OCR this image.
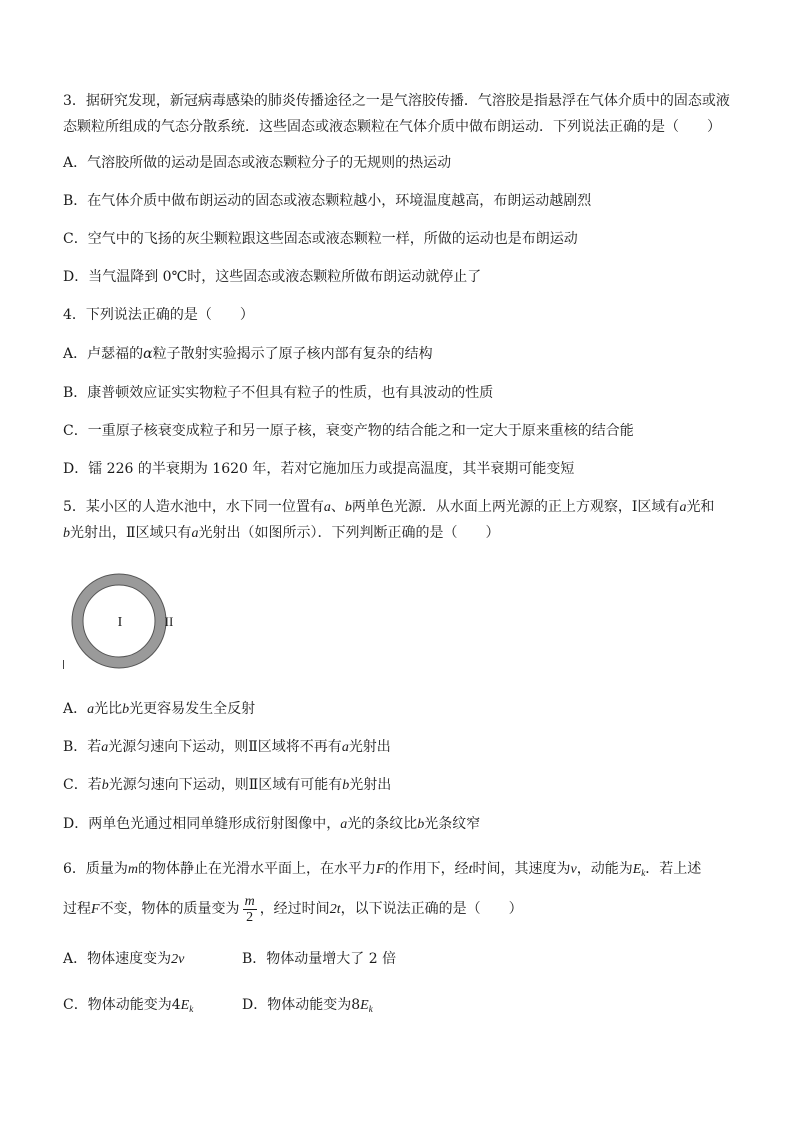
3．据研究发现，新冠病毒感染的肺炎传播途径之一是气溶胶传播．气溶胶是指悬浮在气体介质中的固态或液
态颗粒所组成的气态分散系统．这些固态或液态颗粒在气体介质中做布朗运动．下列说法正确的是（　　）
A．气溶胶所做的运动是固态或液态颗粒分子的无规则的热运动
B．在气体介质中做布朗运动的固态或液态颗粒越小，环境温度越高，布朗运动越剧烈
C．空气中的飞扬的灰尘颗粒跟这些固态或液态颗粒一样，所做的运动也是布朗运动
D．当气温降到 0℃时，这些固态或液态颗粒所做布朗运动就停止了
4．下列说法正确的是（　　）
A．卢瑟福的α粒子散射实验揭示了原子核内部有复杂的结构
B．康普顿效应证实实物粒子不但具有粒子的性质，也有具波动的性质
C．一重原子核衰变成粒子和另一原子核，衰变产物的结合能之和一定大于原来重核的结合能
D．镭 226 的半衰期为 1620 年，若对它施加压力或提高温度，其半衰期可能变短
5．某小区的人造水池中，水下同一位置有a、b两单色光源．从水面上两光源的正上方观察，Ⅰ区域有a光和
b光射出，Ⅱ区域只有a光射出（如图所示）．下列判断正确的是（　　）
I	II
A．a光比b光更容易发生全反射
B．若a光源匀速向下运动，则Ⅱ区域将不再有a光射出
C．若b光源匀速向下运动，则Ⅱ区域有可能有b光射出
D．两单色光通过相同单缝形成衍射图像中，a光的条纹比b光条纹窄
6．质量为m的物体静止在光滑水平面上，在水平力F的作用下，经t时间，其速度为v，动能为$E_k$．若上述
过程F不变，物体的质量变为 $\frac{m}{2}$ ，经过时间2t，以下说法正确的是（　　）
A．物体速度变为2v	B．物体动量增大了 2 倍
C．物体动能变为$4E_k$	D．物体动能变为$8E_k$
